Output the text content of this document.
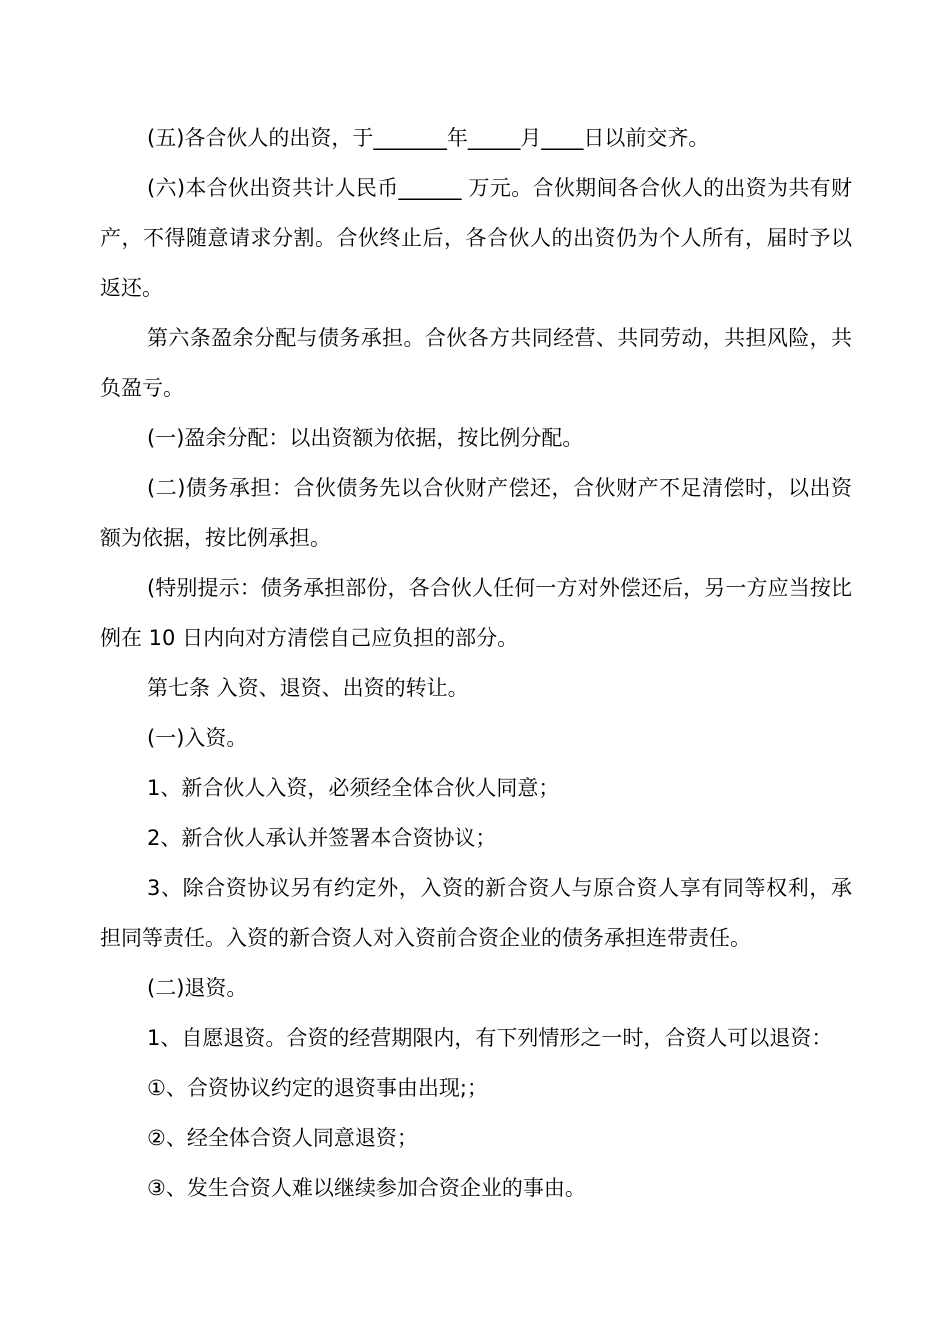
(五)各合伙人的出资，于_______年_____月____日以前交齐。

(六)本合伙出资共计人民币______ 万元。合伙期间各合伙人的出资为共有财产，不得随意请求分割。合伙终止后，各合伙人的出资仍为个人所有，届时予以返还。

第六条盈余分配与债务承担。合伙各方共同经营、共同劳动，共担风险，共负盈亏。

(一)盈余分配：以出资额为依据，按比例分配。

(二)债务承担：合伙债务先以合伙财产偿还，合伙财产不足清偿时，以出资额为依据，按比例承担。

(特别提示：债务承担部份，各合伙人任何一方对外偿还后，另一方应当按比例在 10 日内向对方清偿自己应负担的部分。

第七条 入资、退资、出资的转让。

(一)入资。

1、新合伙人入资，必须经全体合伙人同意；

2、新合伙人承认并签署本合资协议；

3、除合资协议另有约定外，入资的新合资人与原合资人享有同等权利，承担同等责任。入资的新合资人对入资前合资企业的债务承担连带责任。

(二)退资。

1、自愿退资。合资的经营期限内，有下列情形之一时，合资人可以退资：

①、合资协议约定的退资事由出现;；

②、经全体合资人同意退资；

③、发生合资人难以继续参加合资企业的事由。
